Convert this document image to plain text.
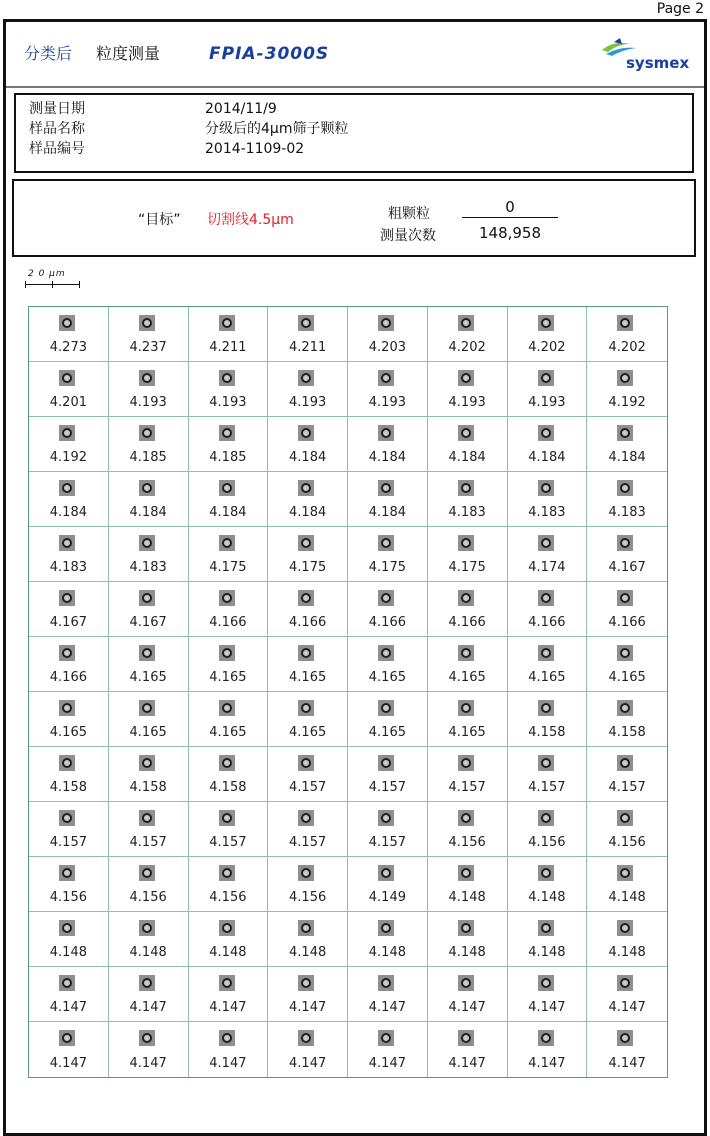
Page 2
分类后 粒度测量	FPIA-3000S	sysmex
测量日期	2014/11/9
样品名称	分级后的4μm筛子颗粒
样品编号	2014-1109-02
“目标” 切割线4.5μm	粗颗粒	0
测量次数	148,958
2 0 μm
4.273	4.237	4.211	4.211	4.203	4.202	4.202	4.202
4.201	4.193	4.193	4.193	4.193	4.193	4.193	4.192
4.192	4.185	4.185	4.184	4.184	4.184	4.184	4.184
4.184	4.184	4.184	4.184	4.184	4.183	4.183	4.183
4.183	4.183	4.175	4.175	4.175	4.175	4.174	4.167
4.167	4.167	4.166	4.166	4.166	4.166	4.166	4.166
4.166	4.165	4.165	4.165	4.165	4.165	4.165	4.165
4.165	4.165	4.165	4.165	4.165	4.165	4.158	4.158
4.158	4.158	4.158	4.157	4.157	4.157	4.157	4.157
4.157	4.157	4.157	4.157	4.157	4.156	4.156	4.156
4.156	4.156	4.156	4.156	4.149	4.148	4.148	4.148
4.148	4.148	4.148	4.148	4.148	4.148	4.148	4.148
4.147	4.147	4.147	4.147	4.147	4.147	4.147	4.147
4.147	4.147	4.147	4.147	4.147	4.147	4.147	4.147
